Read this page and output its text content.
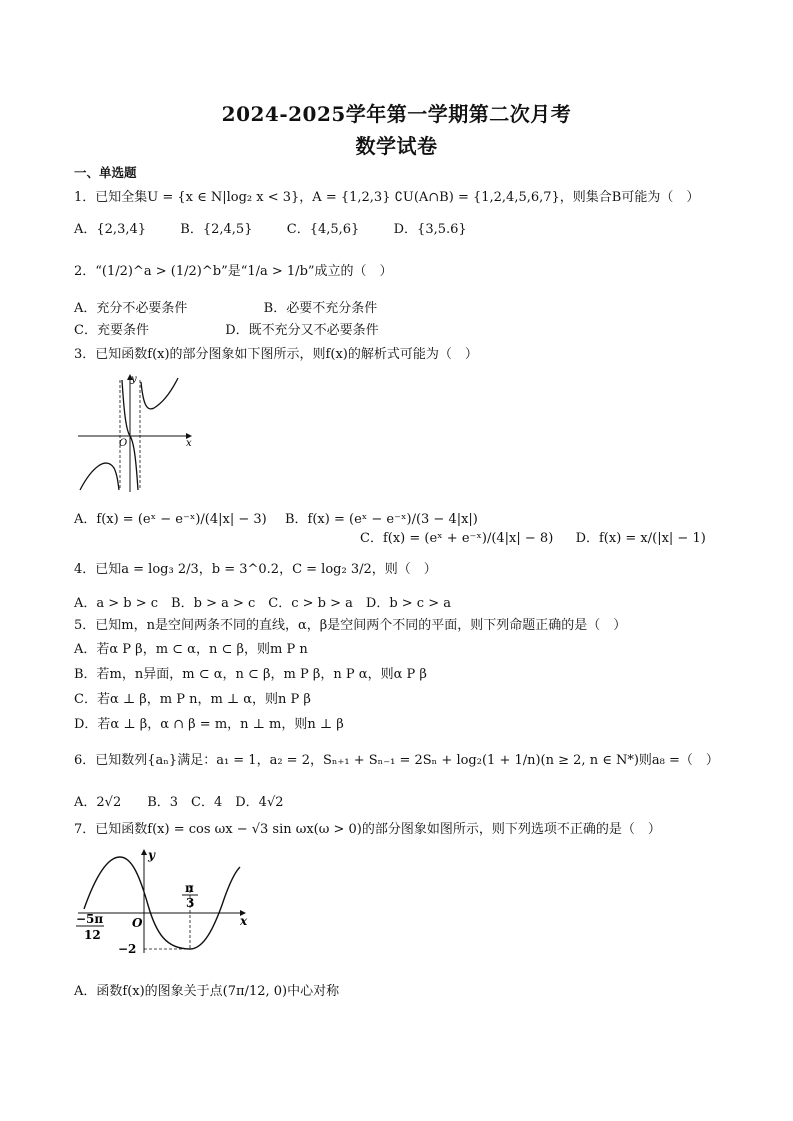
2024-2025学年第一学期第二次月考
数学试卷
一、单选题
1．已知全集U = {x ∈ N|log₂ x < 3}，A = {1,2,3} ∁U(A∩B) = {1,2,4,5,6,7}，则集合B可能为（　）
A．{2,3,4}	B．{2,4,5}	C．{4,5,6}	D．{3,5.6}
2．“(1/2)^a > (1/2)^b”是“1/a > 1/b”成立的（　）
A．充分不必要条件	B．必要不充分条件
C．充要条件	D．既不充分又不必要条件
3．已知函数f(x)的部分图象如下图所示，则f(x)的解析式可能为（　）
y
x
O
A．f(x) = (eˣ − e⁻ˣ)/(4|x| − 3) B．f(x) = (eˣ − e⁻ˣ)/(3 − 4|x|)
C．f(x) = (eˣ + e⁻ˣ)/(4|x| − 8) D．f(x) = x/(|x| − 1)
4．已知a = log₃ 2/3，b = 3^0.2，C = log₂ 3/2，则（　）
A．a > b > c　B．b > a > c　C．c > b > a　D．b > c > a
5．已知m，n是空间两条不同的直线，α，β是空间两个不同的平面，则下列命题正确的是（　）
A．若α P β，m ⊂ α，n ⊂ β，则m P n
B．若m，n异面，m ⊂ α，n ⊂ β，m P β，n P α，则α P β
C．若α ⊥ β，m P n，m ⊥ α，则n P β
D．若α ⊥ β，α ∩ β = m，n ⊥ m，则n ⊥ β
6．已知数列{aₙ}满足：a₁ = 1，a₂ = 2，Sₙ₊₁ + Sₙ₋₁ = 2Sₙ + log₂(1 + 1/n)(n ≥ 2, n ∈ N*)则a₈ =（　）
A．2√2　　B．3　C．4　D．4√2
7．已知函数f(x) = cos ωx − √3 sin ωx(ω > 0)的部分图象如图所示，则下列选项不正确的是（　）
y
x
O
π
3
−5π
12
−2
A．函数f(x)的图象关于点(7π/12, 0)中心对称
